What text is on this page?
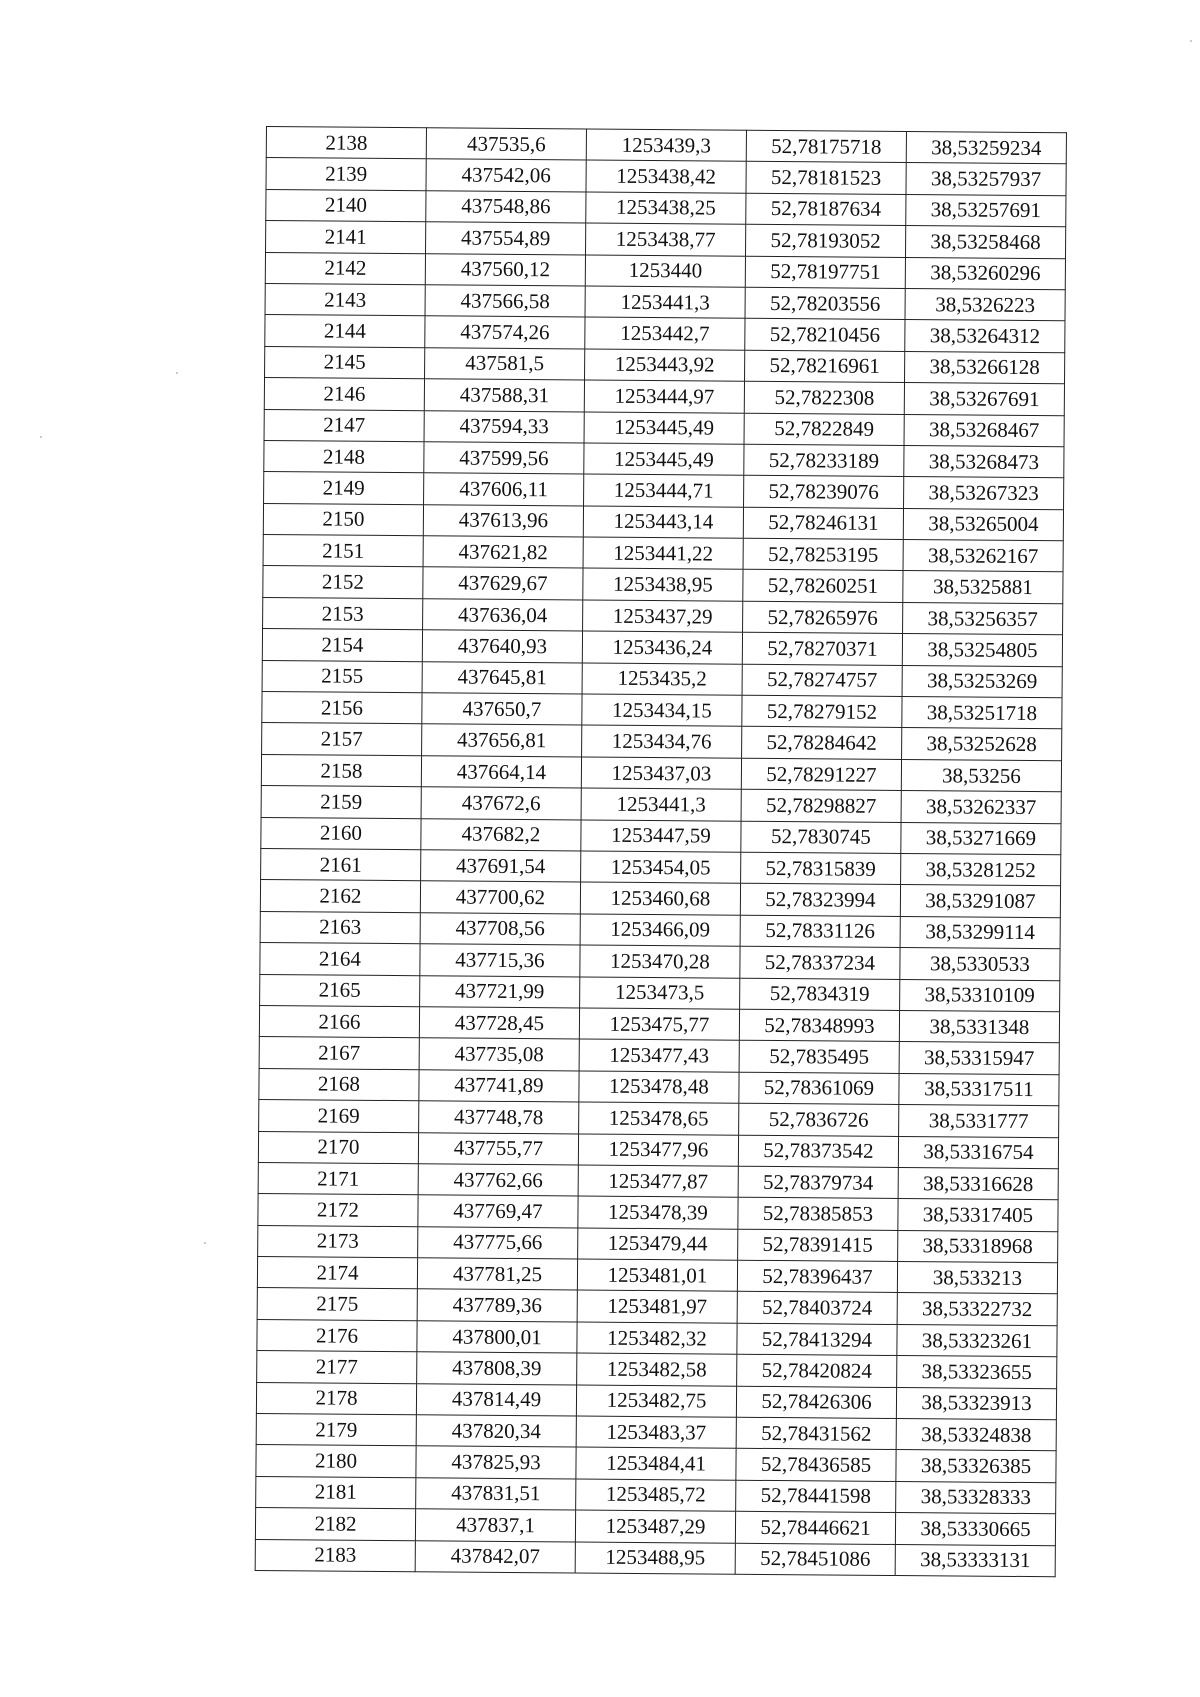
2138	437535,6	1253439,3	52,78175718	38,53259234
2139	437542,06	1253438,42	52,78181523	38,53257937
2140	437548,86	1253438,25	52,78187634	38,53257691
2141	437554,89	1253438,77	52,78193052	38,53258468
2142	437560,12	1253440	52,78197751	38,53260296
2143	437566,58	1253441,3	52,78203556	38,5326223
2144	437574,26	1253442,7	52,78210456	38,53264312
2145	437581,5	1253443,92	52,78216961	38,53266128
2146	437588,31	1253444,97	52,7822308	38,53267691
2147	437594,33	1253445,49	52,7822849	38,53268467
2148	437599,56	1253445,49	52,78233189	38,53268473
2149	437606,11	1253444,71	52,78239076	38,53267323
2150	437613,96	1253443,14	52,78246131	38,53265004
2151	437621,82	1253441,22	52,78253195	38,53262167
2152	437629,67	1253438,95	52,78260251	38,5325881
2153	437636,04	1253437,29	52,78265976	38,53256357
2154	437640,93	1253436,24	52,78270371	38,53254805
2155	437645,81	1253435,2	52,78274757	38,53253269
2156	437650,7	1253434,15	52,78279152	38,53251718
2157	437656,81	1253434,76	52,78284642	38,53252628
2158	437664,14	1253437,03	52,78291227	38,53256
2159	437672,6	1253441,3	52,78298827	38,53262337
2160	437682,2	1253447,59	52,7830745	38,53271669
2161	437691,54	1253454,05	52,78315839	38,53281252
2162	437700,62	1253460,68	52,78323994	38,53291087
2163	437708,56	1253466,09	52,78331126	38,53299114
2164	437715,36	1253470,28	52,78337234	38,5330533
2165	437721,99	1253473,5	52,7834319	38,53310109
2166	437728,45	1253475,77	52,78348993	38,5331348
2167	437735,08	1253477,43	52,7835495	38,53315947
2168	437741,89	1253478,48	52,78361069	38,53317511
2169	437748,78	1253478,65	52,7836726	38,5331777
2170	437755,77	1253477,96	52,78373542	38,53316754
2171	437762,66	1253477,87	52,78379734	38,53316628
2172	437769,47	1253478,39	52,78385853	38,53317405
2173	437775,66	1253479,44	52,78391415	38,53318968
2174	437781,25	1253481,01	52,78396437	38,533213
2175	437789,36	1253481,97	52,78403724	38,53322732
2176	437800,01	1253482,32	52,78413294	38,53323261
2177	437808,39	1253482,58	52,78420824	38,53323655
2178	437814,49	1253482,75	52,78426306	38,53323913
2179	437820,34	1253483,37	52,78431562	38,53324838
2180	437825,93	1253484,41	52,78436585	38,53326385
2181	437831,51	1253485,72	52,78441598	38,53328333
2182	437837,1	1253487,29	52,78446621	38,53330665
2183	437842,07	1253488,95	52,78451086	38,53333131
